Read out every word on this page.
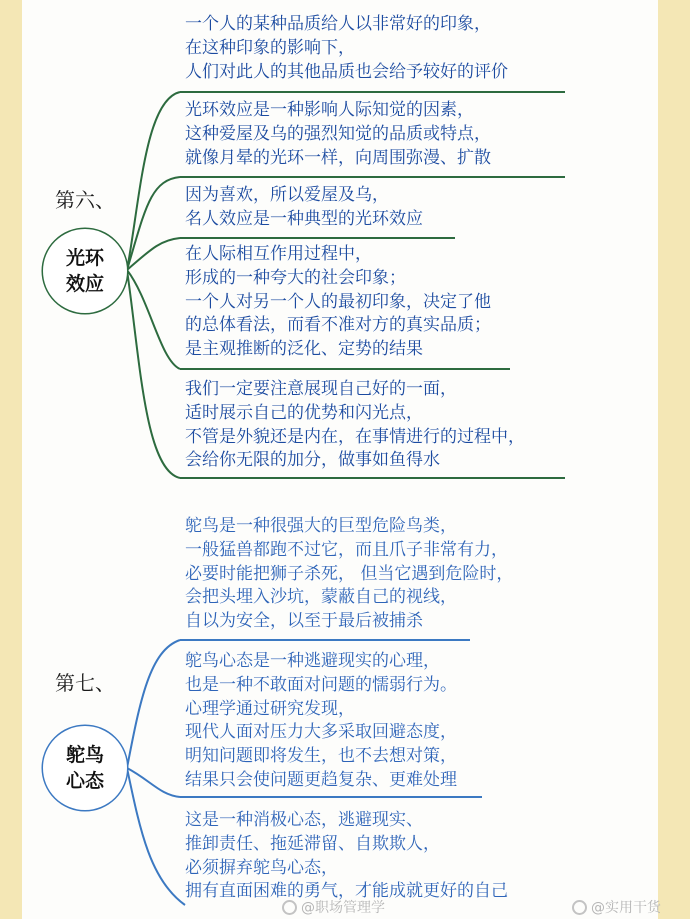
第六、
光环
效应
一个人的某种品质给人以非常好的印象，
在这种印象的影响下，
人们对此人的其他品质也会给予较好的评价
光环效应是一种影响人际知觉的因素，
这种爱屋及乌的强烈知觉的品质或特点，
就像月晕的光环一样，向周围弥漫、扩散
因为喜欢，所以爱屋及乌，
名人效应是一种典型的光环效应
在人际相互作用过程中，
形成的一种夸大的社会印象；
一个人对另一个人的最初印象，决定了他
的总体看法，而看不准对方的真实品质；
是主观推断的泛化、定势的结果
我们一定要注意展现自己好的一面，
适时展示自己的优势和闪光点，
不管是外貌还是内在，在事情进行的过程中，
会给你无限的加分，做事如鱼得水
第七、
鸵鸟
心态
鸵鸟是一种很强大的巨型危险鸟类，
一般猛兽都跑不过它，而且爪子非常有力，
必要时能把狮子杀死， 但当它遇到危险时，
会把头埋入沙坑，蒙蔽自己的视线，
自以为安全，以至于最后被捕杀
鸵鸟心态是一种逃避现实的心理，
也是一种不敢面对问题的懦弱行为。
心理学通过研究发现，
现代人面对压力大多采取回避态度，
明知问题即将发生，也不去想对策，
结果只会使问题更趋复杂、更难处理
这是一种消极心态，逃避现实、
推卸责任、拖延滞留、自欺欺人，
必须摒弃鸵鸟心态，
拥有直面困难的勇气，才能成就更好的自己
@职场管理学	@实用干货
